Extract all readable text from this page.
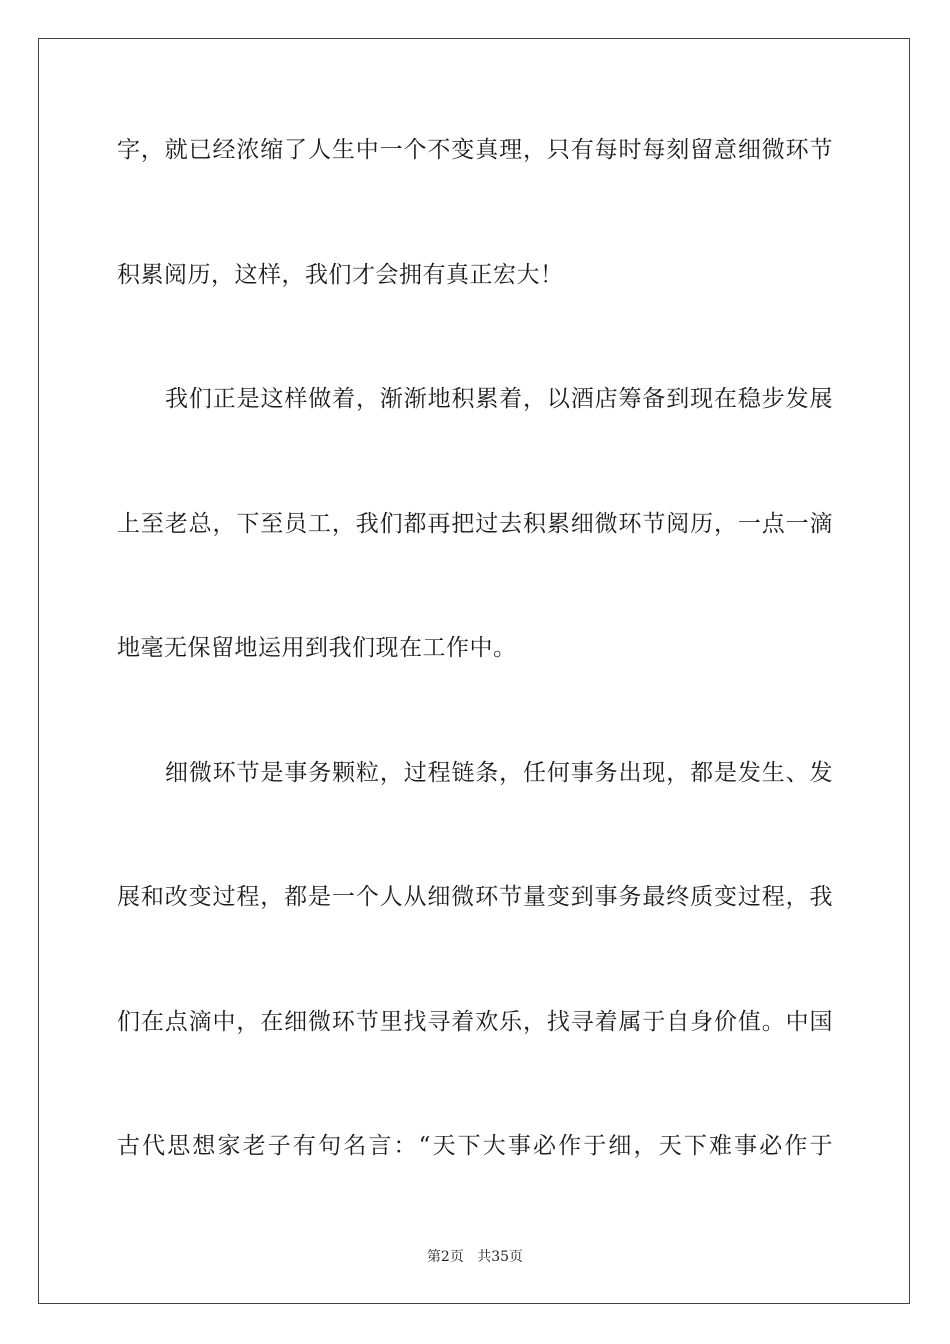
字，就已经浓缩了人生中一个不变真理，只有每时每刻留意细微环节
积累阅历，这样，我们才会拥有真正宏大！
我们正是这样做着，渐渐地积累着，以酒店筹备到现在稳步发展
上至老总，下至员工，我们都再把过去积累细微环节阅历，一点一滴
地毫无保留地运用到我们现在工作中。
细微环节是事务颗粒，过程链条，任何事务出现，都是发生、发
展和改变过程，都是一个人从细微环节量变到事务最终质变过程，我
们在点滴中，在细微环节里找寻着欢乐，找寻着属于自身价值。中国
古代思想家老子有句名言：“天下大事必作于细，天下难事必作于
第2页 共35页
